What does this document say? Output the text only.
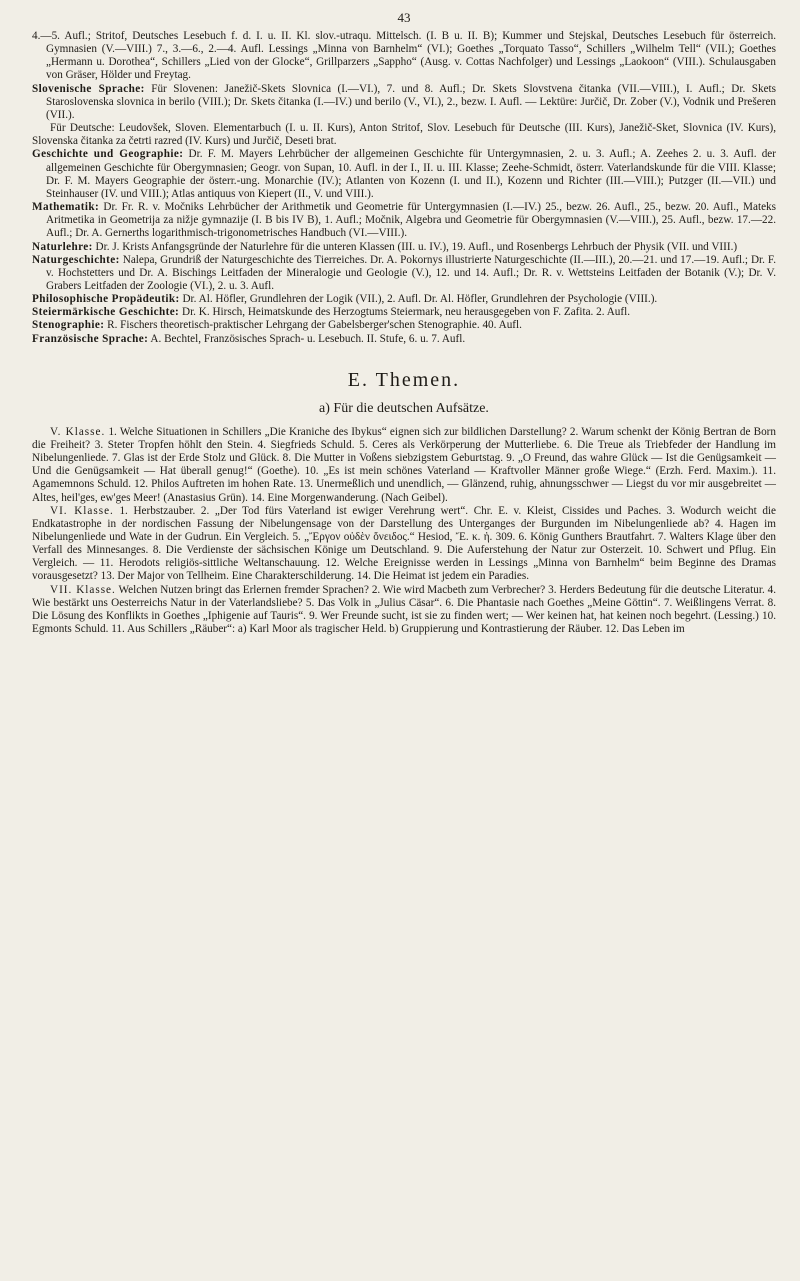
43

4.—5. Aufl.; Stritof, Deutsches Lesebuch f. d. I. u. II. Kl. slov.-utraqu. Mittelsch. (I. B u. II. B); Kummer und Stejskal, Deutsches Lesebuch für österreich. Gymnasien (V.—VIII.) 7., 3.—6., 2.—4. Aufl. Lessings „Minna von Barnhelm“ (VI.); Goethes „Torquato Tasso“, Schillers „Wilhelm Tell“ (VII.); Goethes „Hermann u. Dorothea“, Schillers „Lied von der Glocke“, Grillparzers „Sappho“ (Ausg. v. Cottas Nachfolger) und Lessings „Laokoon“ (VIII.). Schulausgaben von Gräser, Hölder und Freytag.

Slovenische Sprache: Für Slovenen: Janežič-Skets Slovnica (I.—VI.), 7. und 8. Aufl.; Dr. Skets Slovstvena čitanka (VII.—VIII.), I. Aufl.; Dr. Skets Staroslovenska slovnica in berilo (VIII.); Dr. Skets čitanka (I.—IV.) und berilo (V., VI.), 2., bezw. I. Aufl. — Lektüre: Jurčič, Dr. Zober (V.), Vodnik und Prešeren (VII.).

Für Deutsche: Leudovšek, Sloven. Elementarbuch (I. u. II. Kurs), Anton Stritof, Slov. Lesebuch für Deutsche (III. Kurs), Janežič-Sket, Slovnica (IV. Kurs), Slovenska čitanka za četrti razred (IV. Kurs) und Jurčič, Deseti brat.

Geschichte und Geographie: Dr. F. M. Mayers Lehrbücher der allgemeinen Geschichte für Untergymnasien, 2. u. 3. Aufl.; A. Zeehes 2. u. 3. Aufl. der allgemeinen Geschichte für Obergymnasien; Geogr. von Supan, 10. Aufl. in der I., II. u. III. Klasse; Zeehe-Schmidt, österr. Vaterlandskunde für die VIII. Klasse; Dr. F. M. Mayers Geographie der österr.-ung. Monarchie (IV.); Atlanten von Kozenn (I. und II.), Kozenn und Richter (III.—VIII.); Putzger (II.—VII.) und Steinhauser (IV. und VIII.); Atlas antiquus von Kiepert (II., V. und VIII.).

Mathematik: Dr. Fr. R. v. Močniks Lehrbücher der Arithmetik und Geometrie für Untergymnasien (I.—IV.) 25., bezw. 26. Aufl., 25., bezw. 20. Aufl., Mateks Aritmetika in Geometrija za nižje gymnazije (I. B bis IV B), 1. Aufl.; Močnik, Algebra und Geometrie für Obergymnasien (V.—VIII.), 25. Aufl., bezw. 17.—22. Aufl.; Dr. A. Gernerths logarithmisch-trigonometrisches Handbuch (VI.—VIII.).

Naturlehre: Dr. J. Krists Anfangsgründe der Naturlehre für die unteren Klassen (III. u. IV.), 19. Aufl., und Rosenbergs Lehrbuch der Physik (VII. und VIII.)

Naturgeschichte: Nalepa, Grundriß der Naturgeschichte des Tierreiches. Dr. A. Pokornys illustrierte Naturgeschichte (II.—III.), 20.—21. und 17.—19. Aufl.; Dr. F. v. Hochstetters und Dr. A. Bischings Leitfaden der Mineralogie und Geologie (V.), 12. und 14. Aufl.; Dr. R. v. Wettsteins Leitfaden der Botanik (V.); Dr. V. Grabers Leitfaden der Zoologie (VI.), 2. u. 3. Aufl.

Philosophische Propädeutik: Dr. Al. Höfler, Grundlehren der Logik (VII.), 2. Aufl. Dr. Al. Höfler, Grundlehren der Psychologie (VIII.).

Steiermärkische Geschichte: Dr. K. Hirsch, Heimatskunde des Herzogtums Steiermark, neu herausgegeben von F. Zafita. 2. Aufl.

Stenographie: R. Fischers theoretisch-praktischer Lehrgang der Gabelsberger'schen Stenographie. 40. Aufl.

Französische Sprache: A. Bechtel, Französisches Sprach- u. Lesebuch. II. Stufe, 6. u. 7. Aufl.

E. Themen.
a) Für die deutschen Aufsätze.

V. Klasse. 1. Welche Situationen in Schillers „Die Kraniche des Ibykus“ eignen sich zur bildlichen Darstellung? 2. Warum schenkt der König Bertran de Born die Freiheit? 3. Steter Tropfen höhlt den Stein. 4. Siegfrieds Schuld. 5. Ceres als Verkörperung der Mutterliebe. 6. Die Treue als Triebfeder der Handlung im Nibelungenliede. 7. Glas ist der Erde Stolz und Glück. 8. Die Mutter in Voßens siebzigstem Geburtstag. 9. „O Freund, das wahre Glück — Ist die Genügsamkeit — Und die Genügsamkeit — Hat überall genug!“ (Goethe). 10. „Es ist mein schönes Vaterland — Kraftvoller Männer große Wiege.“ (Erzh. Ferd. Maxim.). 11. Agamemnons Schuld. 12. Philos Auftreten im hohen Rate. 13. Unermeßlich und unendlich, — Glänzend, ruhig, ahnungsschwer — Liegst du vor mir ausgebreitet — Altes, heil'ges, ew'ges Meer! (Anastasius Grün). 14. Eine Morgenwanderung. (Nach Geibel).

VI. Klasse. 1. Herbstzauber. 2. „Der Tod fürs Vaterland ist ewiger Verehrung wert“. Chr. E. v. Kleist, Cissides und Paches. 3. Wodurch weicht die Endkatastrophe in der nordischen Fassung der Nibelungensage von der Darstellung des Unterganges der Burgunden im Nibelungenliede ab? 4. Hagen im Nibelungenliede und Wate in der Gudrun. Ein Vergleich. 5. „Ἔργον οὐδὲν ὄνειδος.“ Hesiod, Ἔ. κ. ἡ. 309. 6. König Gunthers Brautfahrt. 7. Walters Klage über den Verfall des Minnesanges. 8. Die Verdienste der sächsischen Könige um Deutschland. 9. Die Auferstehung der Natur zur Osterzeit. 10. Schwert und Pflug. Ein Vergleich. — 11. Herodots religiös-sittliche Weltanschauung. 12. Welche Ereignisse werden in Lessings „Minna von Barnhelm“ beim Beginne des Dramas vorausgesetzt? 13. Der Major von Tellheim. Eine Charakterschilderung. 14. Die Heimat ist jedem ein Paradies.

VII. Klasse. Welchen Nutzen bringt das Erlernen fremder Sprachen? 2. Wie wird Macbeth zum Verbrecher? 3. Herders Bedeutung für die deutsche Literatur. 4. Wie bestärkt uns Oesterreichs Natur in der Vaterlandsliebe? 5. Das Volk in „Julius Cäsar“. 6. Die Phantasie nach Goethes „Meine Göttin“. 7. Weißlingens Verrat. 8. Die Lösung des Konflikts in Goethes „Iphigenie auf Tauris“. 9. Wer Freunde sucht, ist sie zu finden wert; — Wer keinen hat, hat keinen noch begehrt. (Lessing.) 10. Egmonts Schuld. 11. Aus Schillers „Räuber“: a) Karl Moor als tragischer Held. b) Gruppierung und Kontrastierung der Räuber. 12. Das Leben im
